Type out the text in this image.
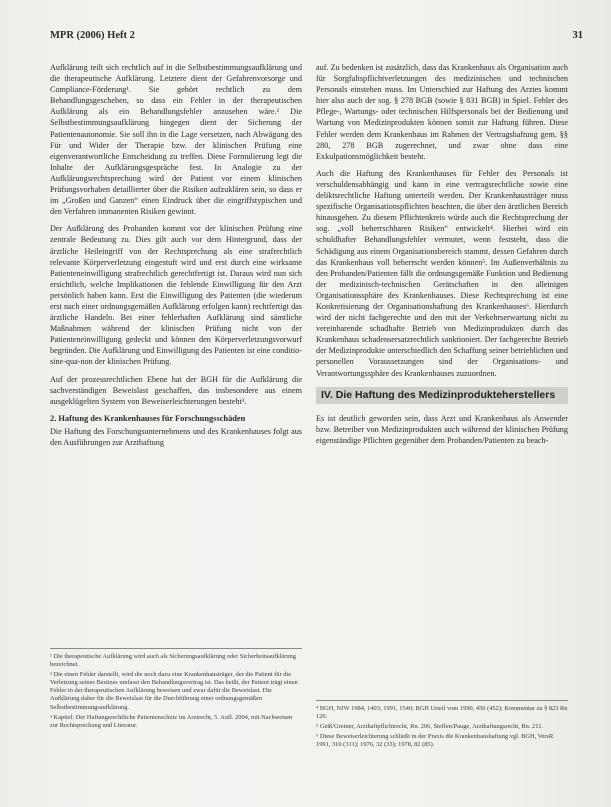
MPR (2006) Heft 2	31

Aufklärung teilt sich rechtlich auf in die Selbstbestimmungsaufklärung und die therapeutische Aufklärung. Letztere dient der Gefahrenvorsorge und Compliance-Förderung¹. Sie gehört rechtlich zu dem Behandlungsgeschehen, so dass ein Fehler in der therapeutischen Aufklärung als ein Behandlungsfehler anzusehen wäre.² Die Selbstbestimmungsaufklärung hingegen dient der Sicherung der Patientenautonomie. Sie soll ihn in die Lage versetzen, nach Abwägung des Für und Wider der Therapie bzw. der klinischen Prüfung eine eigenverantwortliche Entscheidung zu treffen. Diese Formulierung legt die Inhalte der Aufklärungsgespräche fest. In Analogie zu der Aufklärungsrechtsprechung wird der Patient vor einem klinischen Prüfungsvorhaben detaillierter über die Risiken aufzuklären sein, so dass er im „Großen und Ganzen“ einen Eindruck über die eingriffstypischen und den Verfahren immanenten Risiken gewinnt.

Der Aufklärung des Probanden kommt vor der klinischen Prüfung eine zentrale Bedeutung zu. Dies gilt auch vor dem Hintergrund, dass der ärztliche Heileingriff von der Rechtsprechung als eine strafrechtlich relevante Körperverletzung eingestuft wird und erst durch eine wirksame Patienteneinwilligung strafrechtlich gerechtfertigt ist. Daraus wird nun sich ersichtlich, welche Implikationen die fehlende Einwilligung für den Arzt persönlich haben kann. Erst die Einwilligung des Patienten (die wiederum erst nach einer ordnungsgemäßen Aufklärung erfolgen kann) rechtfertigt das ärztliche Handeln. Bei einer fehlerhaften Aufklärung sind sämtliche Maßnahmen während der klinischen Prüfung nicht von der Patienteneinwilligung gedeckt und können den Körperverletzungsvorwurf begründen. Die Aufklärung und Einwilligung des Patienten ist eine conditio-sine-qua-non der klinischen Prüfung.

Auf der prozessrechtlichen Ebene hat der BGH für die Aufklärung die sachverständigen Beweislast geschaffen, das insbesondere aus einem ausgeklügelten System von Beweiserleichterungen besteht³.

2. Haftung des Krankenhauses für Forschungsschäden

Die Haftung des Forschungsunternehmens und des Krankenhauses folgt aus den Ausführungen zur Arzthaftung

auf. Zu bedenken ist zusätzlich, dass das Krankenhaus als Organisation auch für Sorgfaltspflichtverletzungen des medizinischen und technischen Personals einstehen muss. Im Unterschied zur Haftung des Arztes kommt hier also auch der sog. § 278 BGB (sowie § 831 BGB) in Spiel. Fehler des Pflege-, Wartungs- oder technischen Hilfspersonals bei der Bedienung und Wartung von Medizinprodukten können somit zur Haftung führen. Diese Fehler werden dem Krankenhaus im Rahmen der Vertragshaftung gem. §§ 280, 278 BGB zugerechnet, und zwar ohne dass eine Exkulpationsmöglichkeit besteht.

Auch die Haftung des Krankenhauses für Fehler des Personals ist verschuldensabhängig und kann in eine vertragsrechtliche sowie eine deliktsrechtliche Haftung unterteilt werden. Der Krankenhausträger muss spezifische Organisationspflichten beachten, die über den ärztlichen Bereich hinausgehen. Zu diesem Pflichtenkreis würde auch die Rechtsprechung der sog. „voll beherrschbaren Risiken“ entwickelt⁴. Hierbei wird ein schuldhafter Behandlungsfehler vermutet, wenn feststeht, dass die Schädigung aus einem Organisationsbereich stammt, dessen Gefahren durch das Krankenhaus voll beherrscht werden können⁵. Im Außenverhältnis zu den Probanden/Patienten fällt die ordnungsgemäße Funktion und Bedienung der medizinisch-technischen Gerätschaften in den alleinigen Organisationssphäre des Krankenhauses. Diese Rechtsprechung ist eine Konkretisierung der Organisationshaftung des Krankenhauses⁶. Hierdurch wird der nicht fachgerechte und den mit der Verkehrserwartung nicht zu vereinbarende schadhafte Betrieb von Medizinprodukten durch das Krankenhaus schadensersatzrechtlich sanktioniert. Der fachgerechte Betrieb der Medizinprodukte unterschiedlich den Schaffung seiner betrieblichen und personellen Voraussetzungen sind der Organisations- und Verantwortungssphäre des Krankenhauses zuzuordnen.

IV. Die Haftung des Medizinprodukteherstellers

Es ist deutlich geworden sein, dass Arzt und Krankenhaus als Anwender bzw. Betreiber von Medizinprodukten auch während der klinischen Prüfung eigenständige Pflichten gegenüber dem Probanden/Patienten zu beach-

¹ Die therapeutische Aufklärung wird auch als Sicherungsaufklärung oder Sicherheitsaufklärung bezeichnet.

² Die einen Fehler darstellt, wird die noch dazu eine Krankenhausträger, der die Patient für die Verletzung seines Besitzes umfasst den Behandlungsvertrag ist. Das heißt, der Patient trägt einen Fehler in der therapeutischen Aufklärung beweisen und zwar dafür die Beweislast. Die Aufklärung daher für die Beweislast für die Durchführung einer ordnungsgemäßen Selbstbestimmungsaufklärung.

³ Kapitel: Der Haftungsrechtliche Patientenschutz im Arztrecht, 5. Aufl. 2004, mit Nachweisen zur Rechtsprechung und Literatur.

⁴ BGH, NJW 1984, 1403; 1991, 1540; BGH Urteil vom 1990, 450 (452); Kommentar zu § 823 Rn 120.

⁵ Geiß/Greiner, Arzthaftpflichtrecht, Rn. 206, Steffen/Pauge, Arzthaftungsrecht, Rn. 211.

⁶ Diese Beweiserleichterung schließt in der Praxis die Krankenhaushaftung vgl. BGH, VersR 1991, 310 (311); 1976, 32 (33); 1978, 82 (85).
